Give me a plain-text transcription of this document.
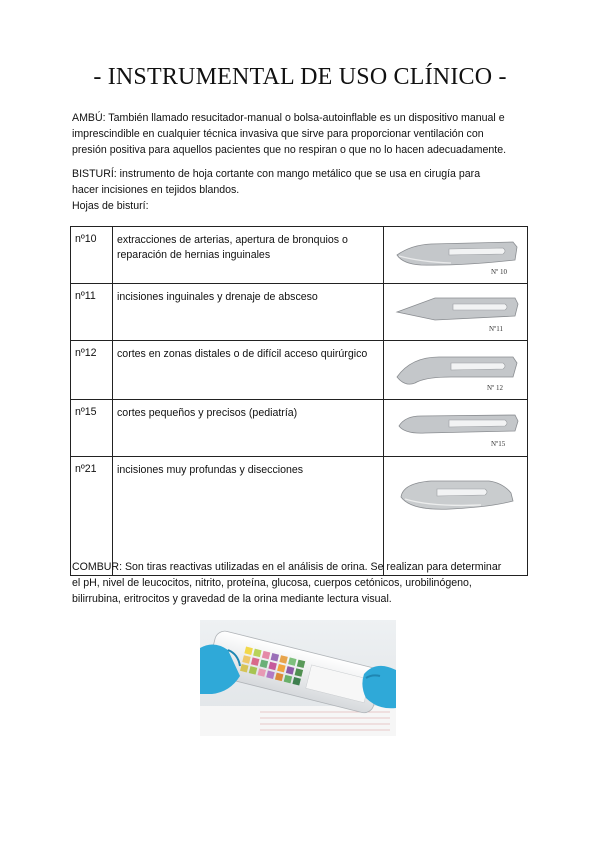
- INSTRUMENTAL DE USO CLÍNICO -
AMBÚ: También llamado resucitador-manual o bolsa-autoinflable es un dispositivo manual e
imprescindible en cualquier técnica invasiva que sirve para proporcionar ventilación con
presión positiva para aquellos pacientes que no respiran o que no lo hacen adecuadamente.
BISTURÍ: instrumento de hoja cortante con mango metálico que se usa en cirugía para
hacer incisiones en tejidos blandos.
Hojas de bisturí:
nº10	extracciones de arterias, apertura de bronquios o reparación de hernias inguinales	Nº 10

nº11	incisiones inguinales y drenaje de absceso	Nº11

nº12	cortes en zonas distales o de difícil acceso quirúrgico	Nº 12

nº15	cortes pequeños y precisos (pediatría)	Nº15

nº21	incisiones muy profundas y disecciones	
COMBUR: Son tiras reactivas utilizadas en el análisis de orina. Se realizan para determinar
el pH, nivel de leucocitos, nitrito, proteína, glucosa, cuerpos cetónicos, urobilinógeno,
bilirrubina, eritrocitos y gravedad de la orina mediante lectura visual.
